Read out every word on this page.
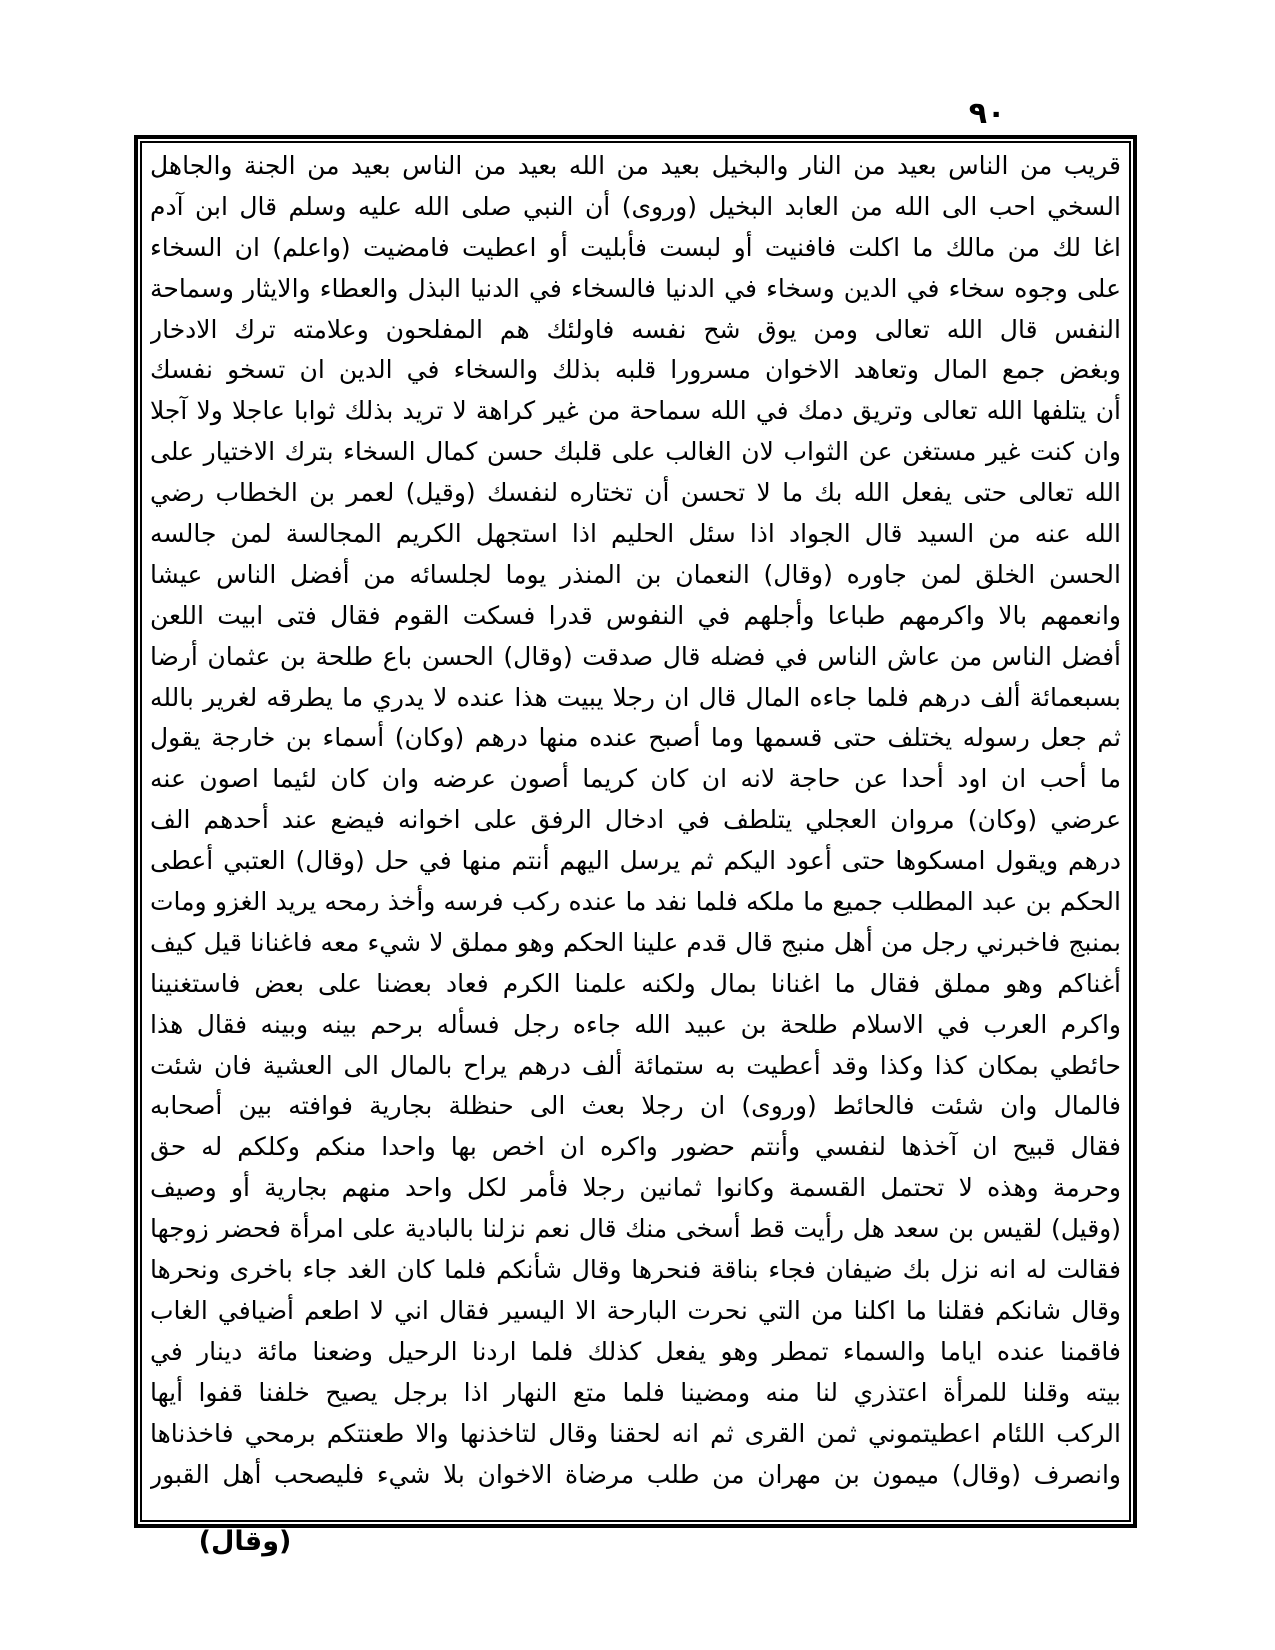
٩٠
قريب من الناس بعيد من النار والبخيل بعيد من الله بعيد من الناس بعيد من الجنة والجاهل
السخي احب الى الله من العابد البخيل (وروى) أن النبي صلى الله عليه وسلم قال ابن آدم
اغا لك من مالك ما اكلت فافنيت أو لبست فأبليت أو اعطيت فامضيت (واعلم) ان السخاء
على وجوه سخاء في الدين وسخاء في الدنيا فالسخاء في الدنيا البذل والعطاء والايثار وسماحة
النفس قال الله تعالى ومن يوق شح نفسه فاولئك هم المفلحون وعلامته ترك الادخار
وبغض جمع المال وتعاهد الاخوان مسرورا قلبه بذلك والسخاء في الدين ان تسخو نفسك
أن يتلفها الله تعالى وتريق دمك في الله سماحة من غير كراهة لا تريد بذلك ثوابا عاجلا ولا آجلا
وان كنت غير مستغن عن الثواب لان الغالب على قلبك حسن كمال السخاء بترك الاختيار على
الله تعالى حتى يفعل الله بك ما لا تحسن أن تختاره لنفسك (وقيل) لعمر بن الخطاب رضي
الله عنه من السيد قال الجواد اذا سئل الحليم اذا استجهل الكريم المجالسة لمن جالسه
الحسن الخلق لمن جاوره (وقال) النعمان بن المنذر يوما لجلسائه من أفضل الناس عيشا
وانعمهم بالا واكرمهم طباعا وأجلهم في النفوس قدرا فسكت القوم فقال فتى ابيت اللعن
أفضل الناس من عاش الناس في فضله قال صدقت (وقال) الحسن باع طلحة بن عثمان أرضا
بسبعمائة ألف درهم فلما جاءه المال قال ان رجلا يبيت هذا عنده لا يدري ما يطرقه لغرير بالله
ثم جعل رسوله يختلف حتى قسمها وما أصبح عنده منها درهم (وكان) أسماء بن خارجة يقول
ما أحب ان اود أحدا عن حاجة لانه ان كان كريما أصون عرضه وان كان لئيما اصون عنه
عرضي (وكان) مروان العجلي يتلطف في ادخال الرفق على اخوانه فيضع عند أحدهم الف
درهم ويقول امسكوها حتى أعود اليكم ثم يرسل اليهم أنتم منها في حل (وقال) العتبي أعطى
الحكم بن عبد المطلب جميع ما ملكه فلما نفد ما عنده ركب فرسه وأخذ رمحه يريد الغزو ومات
بمنبج فاخبرني رجل من أهل منبج قال قدم علينا الحكم وهو مملق لا شيء معه فاغنانا قيل كيف
أغناكم وهو مملق فقال ما اغنانا بمال ولكنه علمنا الكرم فعاد بعضنا على بعض فاستغنينا
واكرم العرب في الاسلام طلحة بن عبيد الله جاءه رجل فسأله برحم بينه وبينه فقال هذا
حائطي بمكان كذا وكذا وقد أعطيت به ستمائة ألف درهم يراح بالمال الى العشية فان شئت
فالمال وان شئت فالحائط (وروى) ان رجلا بعث الى حنظلة بجارية فوافته بين أصحابه
فقال قبيح ان آخذها لنفسي وأنتم حضور واكره ان اخص بها واحدا منكم وكلكم له حق
وحرمة وهذه لا تحتمل القسمة وكانوا ثمانين رجلا فأمر لكل واحد منهم بجارية أو وصيف
(وقيل) لقيس بن سعد هل رأيت قط أسخى منك قال نعم نزلنا بالبادية على امرأة فحضر زوجها
فقالت له انه نزل بك ضيفان فجاء بناقة فنحرها وقال شأنكم فلما كان الغد جاء باخرى ونحرها
وقال شانكم فقلنا ما اكلنا من التي نحرت البارحة الا اليسير فقال اني لا اطعم أضيافي الغاب
فاقمنا عنده اياما والسماء تمطر وهو يفعل كذلك فلما اردنا الرحيل وضعنا مائة دينار في
بيته وقلنا للمرأة اعتذري لنا منه ومضينا فلما متع النهار اذا برجل يصيح خلفنا قفوا أيها
الركب اللئام اعطيتموني ثمن القرى ثم انه لحقنا وقال لتاخذنها والا طعنتكم برمحي فاخذناها
وانصرف (وقال) ميمون بن مهران من طلب مرضاة الاخوان بلا شيء فليصحب أهل القبور
(وقال)
